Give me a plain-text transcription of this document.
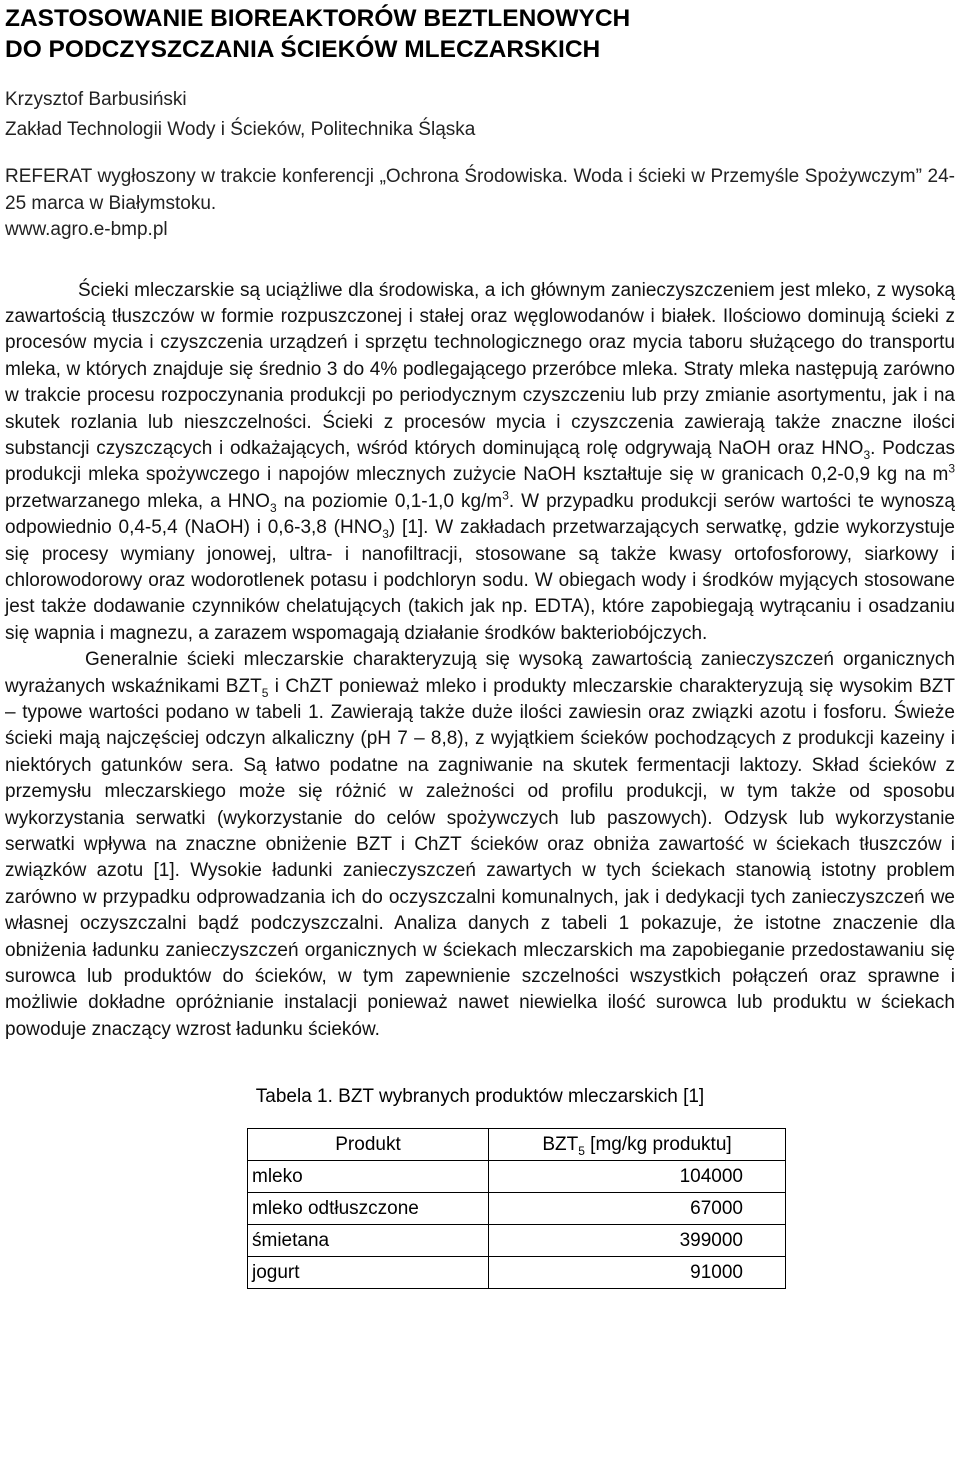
ZASTOSOWANIE BIOREAKTORÓW BEZTLENOWYCH
DO PODCZYSZCZANIA ŚCIEKÓW MLECZARSKICH

Krzysztof Barbusiński

Zakład Technologii Wody i Ścieków, Politechnika Śląska

REFERAT wygłoszony w trakcie konferencji „Ochrona Środowiska. Woda i ścieki w Przemyśle Spożywczym” 24-25 marca w Białymstoku.
www.agro.e-bmp.pl

Ścieki mleczarskie są uciążliwe dla środowiska, a ich głównym zanieczyszczeniem jest mleko, z wysoką zawartością tłuszczów w formie rozpuszczonej i stałej oraz węglowodanów i białek. Ilościowo dominują ścieki z procesów mycia i czyszczenia urządzeń i sprzętu technologicznego oraz mycia taboru służącego do transportu mleka, w których znajduje się średnio 3 do 4% podlegającego przeróbce mleka. Straty mleka następują zarówno w trakcie procesu rozpoczynania produkcji po periodycznym czyszczeniu lub przy zmianie asortymentu, jak i na skutek rozlania lub nieszczelności. Ścieki z procesów mycia i czyszczenia zawierają także znaczne ilości substancji czyszczących i odkażających, wśród których dominującą rolę odgrywają NaOH oraz $HNO_3$. Podczas produkcji mleka spożywczego i napojów mlecznych zużycie NaOH kształtuje się w granicach 0,2-0,9 kg na $m^3$ przetwarzanego mleka, a $HNO_3$ na poziomie 0,1-1,0 $kg/m^3$. W przypadku produkcji serów wartości te wynoszą odpowiednio 0,4-5,4 (NaOH) i 0,6-3,8 $(HNO_3)$ [1]. W zakładach przetwarzających serwatkę, gdzie wykorzystuje się procesy wymiany jonowej, ultra- i nanofiltracji, stosowane są także kwasy ortofosforowy, siarkowy i chlorowodorowy oraz wodorotlenek potasu i podchloryn sodu. W obiegach wody i środków myjących stosowane jest także dodawanie czynników chelatujących (takich jak np. EDTA), które zapobiegają wytrącaniu i osadzaniu się wapnia i magnezu, a zarazem wspomagają działanie środków bakteriobójczych.

Generalnie ścieki mleczarskie charakteryzują się wysoką zawartością zanieczyszczeń organicznych wyrażanych wskaźnikami $BZT_5$ i ChZT ponieważ mleko i produkty mleczarskie charakteryzują się wysokim BZT – typowe wartości podano w tabeli 1. Zawierają także duże ilości zawiesin oraz związki azotu i fosforu. Świeże ścieki mają najczęściej odczyn alkaliczny (pH 7 – 8,8), z wyjątkiem ścieków pochodzących z produkcji kazeiny i niektórych gatunków sera. Są łatwo podatne na zagniwanie na skutek fermentacji laktozy. Skład ścieków z przemysłu mleczarskiego może się różnić w zależności od profilu produkcji, w tym także od sposobu wykorzystania serwatki (wykorzystanie do celów spożywczych lub paszowych). Odzysk lub wykorzystanie serwatki wpływa na znaczne obniżenie BZT i ChZT ścieków oraz obniża zawartość w ściekach tłuszczów i związków azotu [1]. Wysokie ładunki zanieczyszczeń zawartych w tych ściekach stanowią istotny problem zarówno w przypadku odprowadzania ich do oczyszczalni komunalnych, jak i dedykacji tych zanieczyszczeń we własnej oczyszczalni bądź podczyszczalni. Analiza danych z tabeli 1 pokazuje, że istotne znaczenie dla obniżenia ładunku zanieczyszczeń organicznych w ściekach mleczarskich ma zapobieganie przedostawaniu się surowca lub produktów do ścieków, w tym zapewnienie szczelności wszystkich połączeń oraz sprawne i możliwie dokładne opróżnianie instalacji ponieważ nawet niewielka ilość surowca lub produktu w ściekach powoduje znaczący wzrost ładunku ścieków.

Tabela 1. BZT wybranych produktów mleczarskich [1]
Produkt	$BZT_5$ [mg/kg produktu]
mleko	104000
mleko odtłuszczone	67000
śmietana	399000
jogurt	91000
